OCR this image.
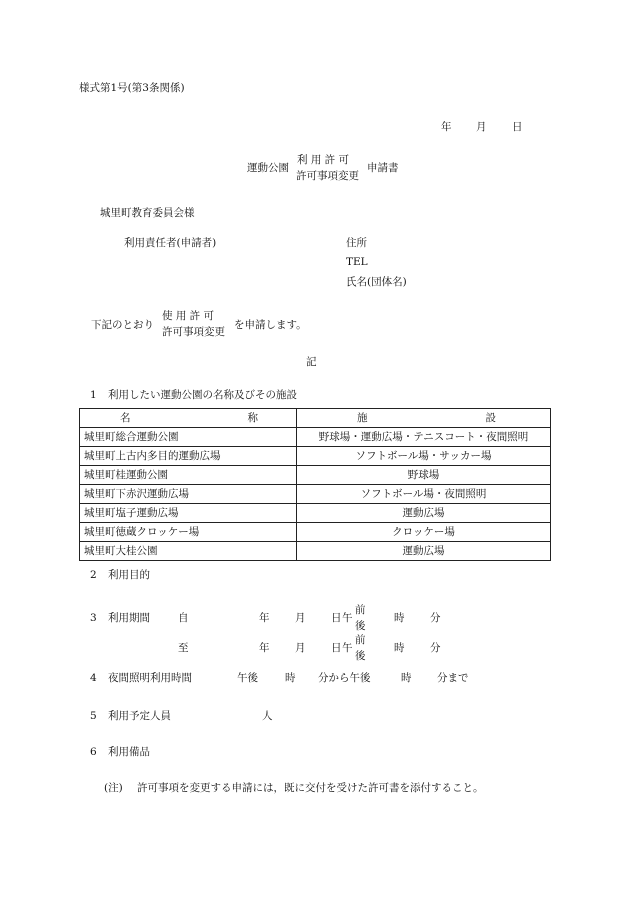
様式第1号(第3条関係)
年 月 日
運動公園
利 用 許 可
許可事項変更
申請書
城里町教育委員会様
利用責任者(申請者)	住所
TEL
氏名(団体名)
下記のとおり
使 用 許 可
許可事項変更
を申請します。
記
1 利用したい運動公園の名称及びその施設
名 称	施 設

城里町総合運動公園	野球場・運動広場・テニスコート・夜間照明
城里町上古内多目的運動広場	ソフトボール場・サッカー場
城里町桂運動公園	野球場
城里町下赤沢運動広場	ソフトボール場・夜間照明
城里町塩子運動広場	運動広場
城里町徳蔵クロッケー場	クロッケー場
城里町大桂公園	運動広場
2 利用目的
3 利用期間	自	年 月 日 午
前
後
時 分
至	年 月 日 午
前
後
時 分
4 夜間照明利用時間	午後	時 分から午後	時 分まで
5 利用予定人員	人
6 利用備品
(注) 許可事項を変更する申請には，既に交付を受けた許可書を添付すること。
